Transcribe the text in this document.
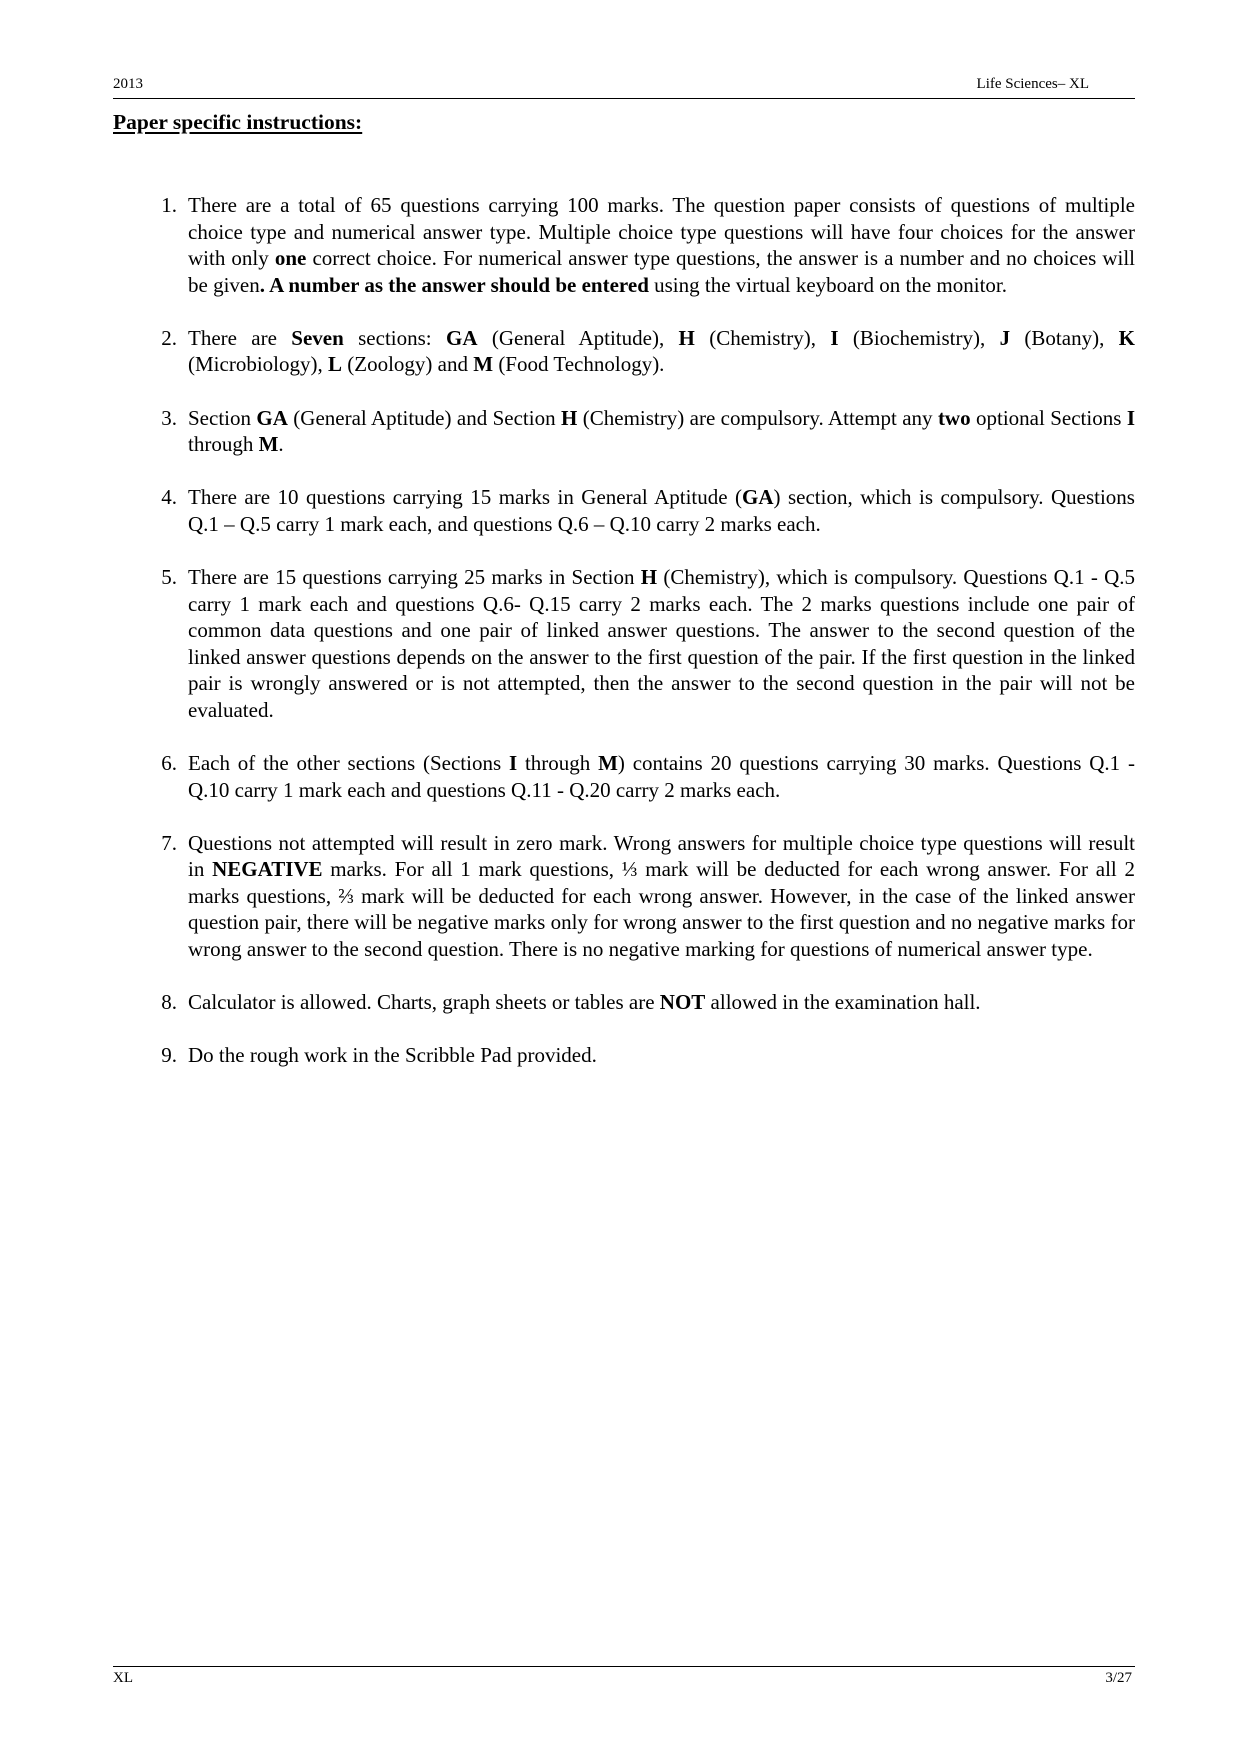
2013	Life Sciences– XL
Paper specific instructions:
1. There are a total of 65 questions carrying 100 marks. The question paper consists of questions of multiple choice type and numerical answer type. Multiple choice type questions will have four choices for the answer with only one correct choice. For numerical answer type questions, the answer is a number and no choices will be given. A number as the answer should be entered using the virtual keyboard on the monitor.
2. There are Seven sections: GA (General Aptitude), H (Chemistry), I (Biochemistry), J (Botany), K (Microbiology), L (Zoology) and M (Food Technology).
3. Section GA (General Aptitude) and Section H (Chemistry) are compulsory. Attempt any two optional Sections I through M.
4. There are 10 questions carrying 15 marks in General Aptitude (GA) section, which is compulsory. Questions Q.1 – Q.5 carry 1 mark each, and questions Q.6 – Q.10 carry 2 marks each.
5. There are 15 questions carrying 25 marks in Section H (Chemistry), which is compulsory. Questions Q.1 - Q.5 carry 1 mark each and questions Q.6- Q.15 carry 2 marks each. The 2 marks questions include one pair of common data questions and one pair of linked answer questions. The answer to the second question of the linked answer questions depends on the answer to the first question of the pair. If the first question in the linked pair is wrongly answered or is not attempted, then the answer to the second question in the pair will not be evaluated.
6. Each of the other sections (Sections I through M) contains 20 questions carrying 30 marks. Questions Q.1 - Q.10 carry 1 mark each and questions Q.11 - Q.20 carry 2 marks each.
7. Questions not attempted will result in zero mark. Wrong answers for multiple choice type questions will result in NEGATIVE marks. For all 1 mark questions, ⅓ mark will be deducted for each wrong answer. For all 2 marks questions, ⅔ mark will be deducted for each wrong answer. However, in the case of the linked answer question pair, there will be negative marks only for wrong answer to the first question and no negative marks for wrong answer to the second question. There is no negative marking for questions of numerical answer type.
8. Calculator is allowed. Charts, graph sheets or tables are NOT allowed in the examination hall.
9. Do the rough work in the Scribble Pad provided.
XL	3/27
